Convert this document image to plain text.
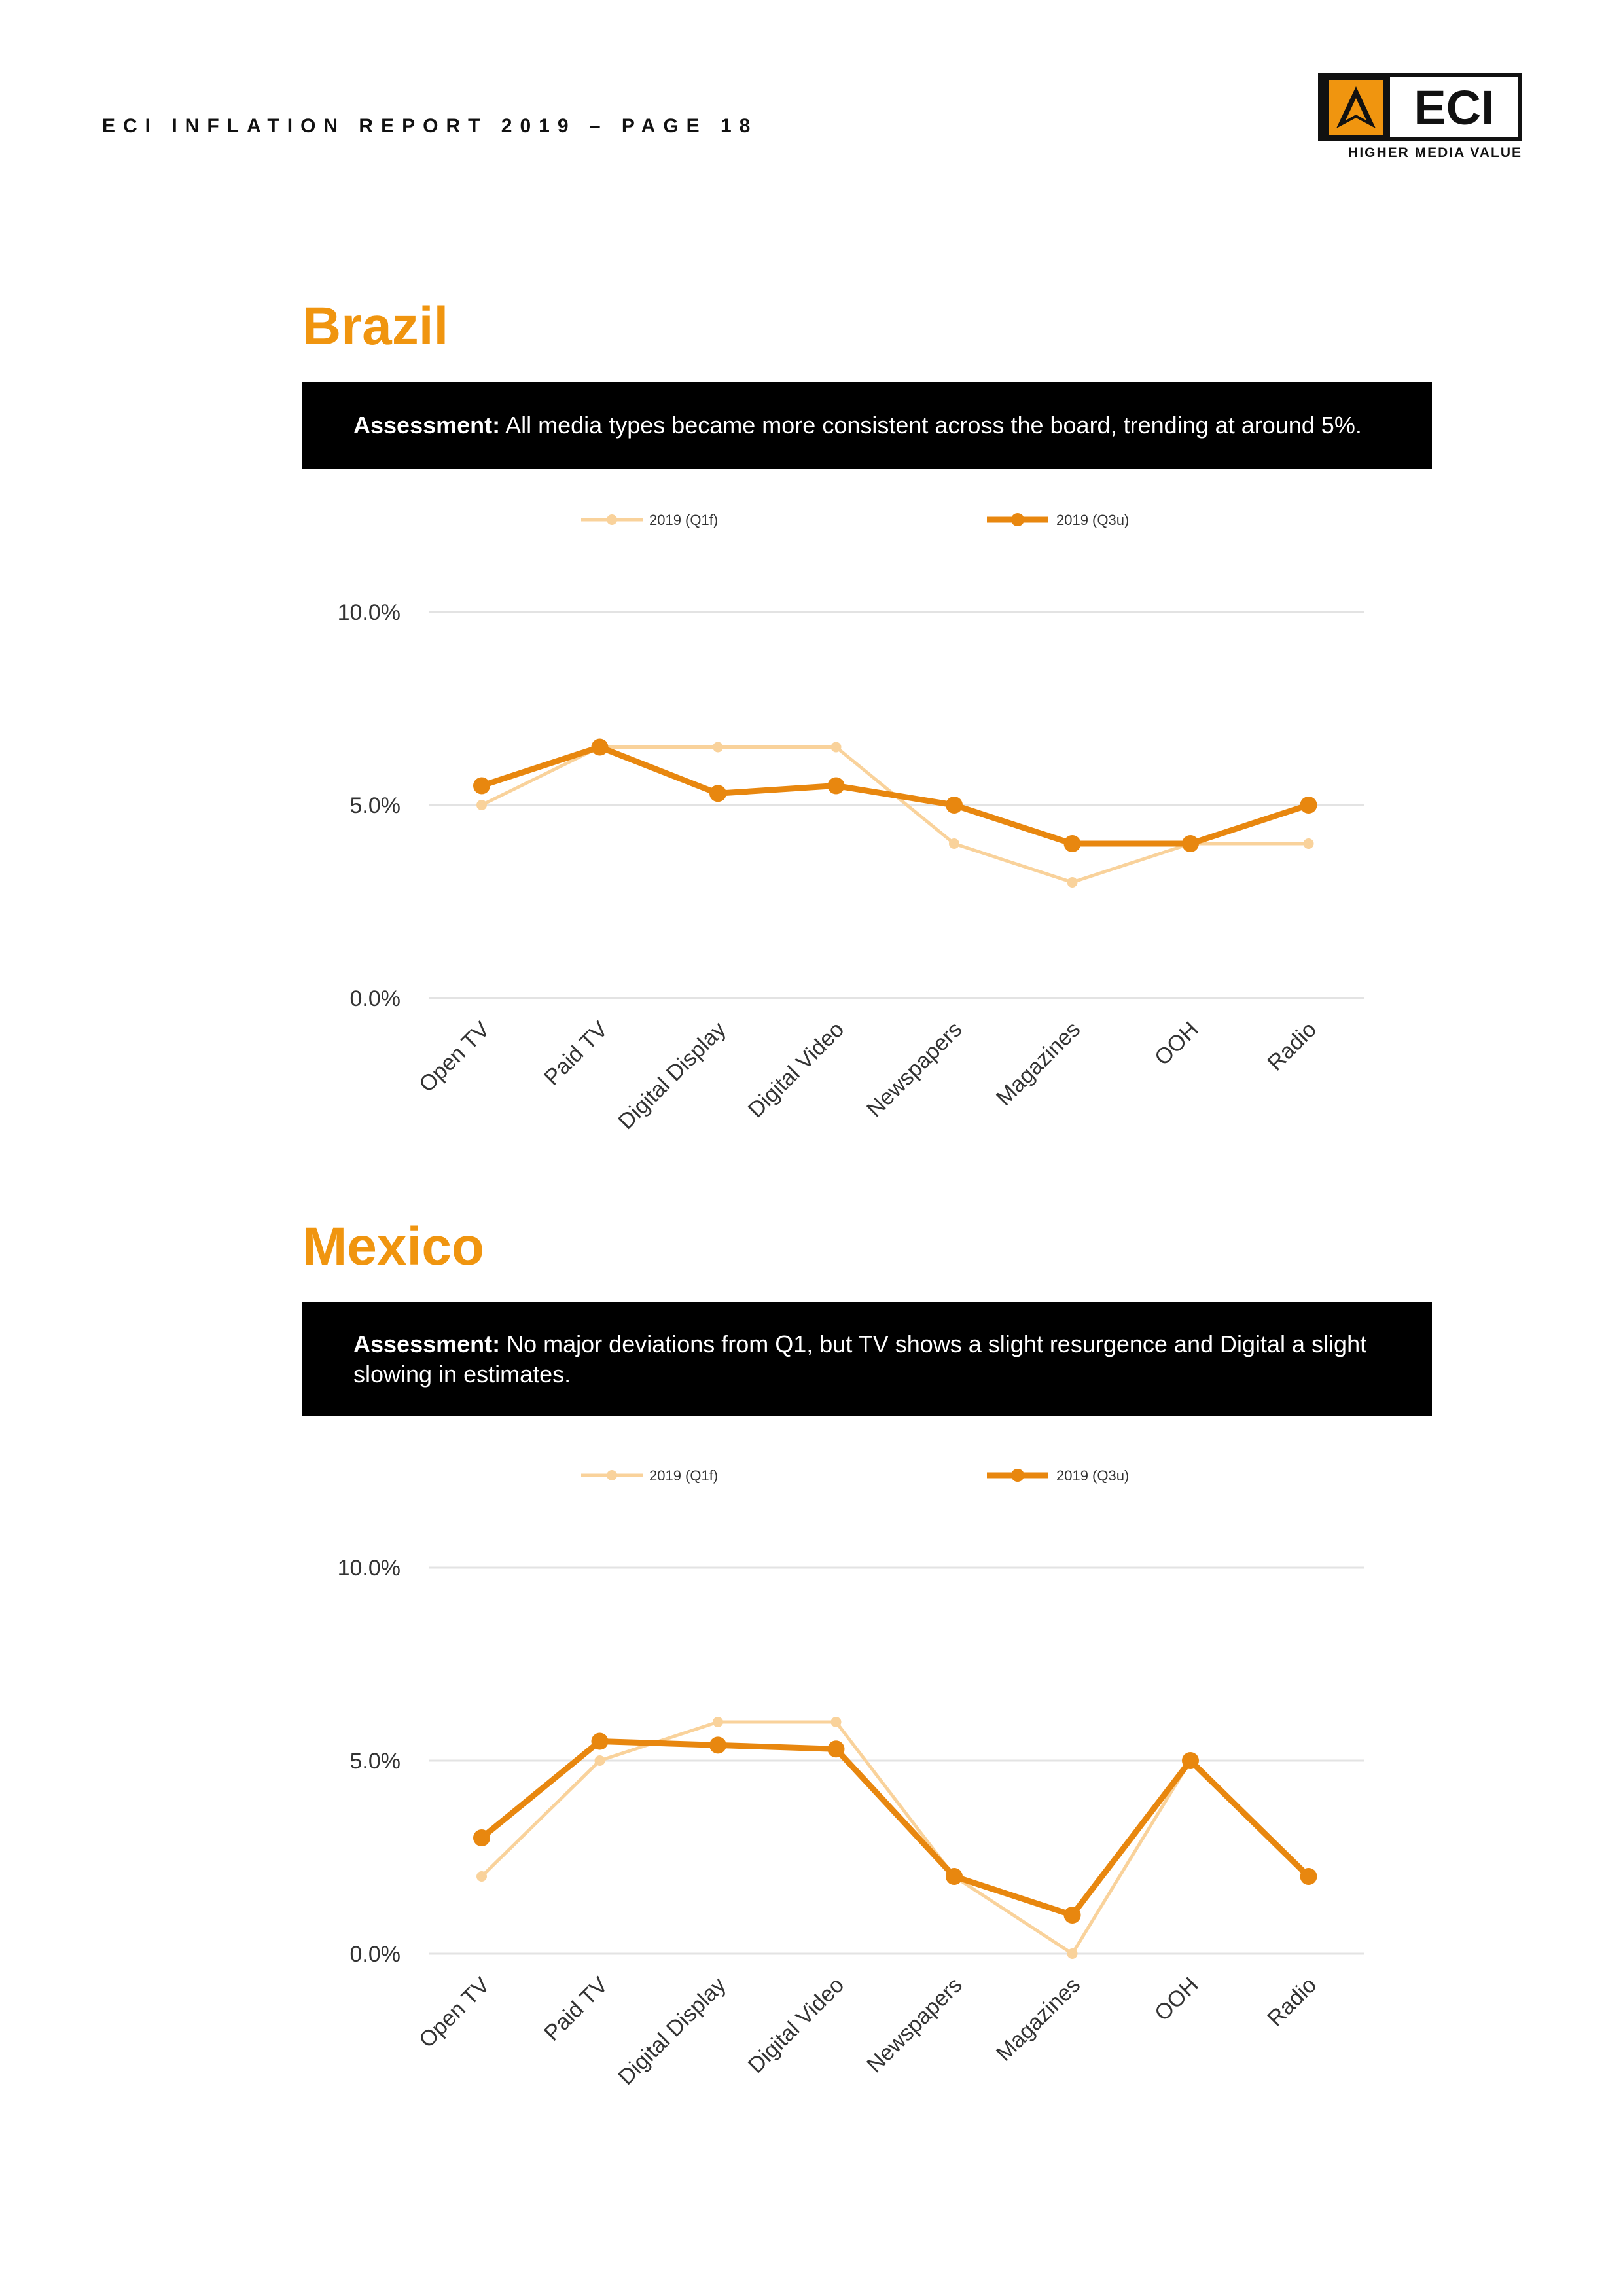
ECI INFLATION REPORT 2019 – PAGE 18	ECI
HIGHER MEDIA VALUE
Brazil
Assessment: All media types became more consistent across the board, trending at around 5%.
0.0%
5.0%
10.0%
Open TV Paid TV Digital Display Digital Video Newspapers Magazines	OOH	Radio
2019 (Q1f)	2019 (Q3u)
Mexico
Assessment: No major deviations from Q1, but TV shows a slight resurgence and Digital a slight slowing in estimates.
0.0%
5.0%
10.0%
Open TV Paid TV Digital Display Digital Video Newspapers Magazines	OOH	Radio
2019 (Q1f)	2019 (Q3u)
